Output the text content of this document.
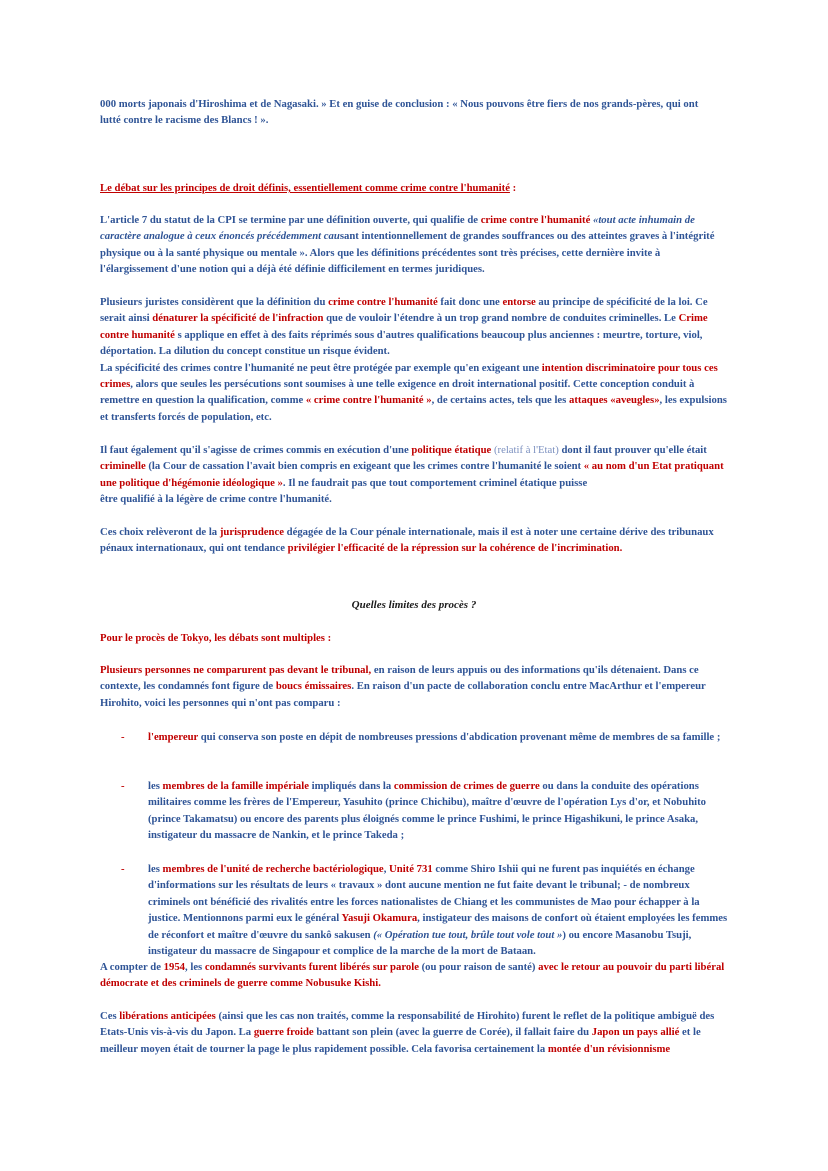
000 morts japonais d'Hiroshima et de Nagasaki. » Et en guise de conclusion : « Nous pouvons être fiers de nos grands-pères, qui ont
lutté contre le racisme des Blancs ! ».
Le débat sur les principes de droit définis, essentiellement comme crime contre l'humanité :
L'article 7 du statut de la CPI se termine par une définition ouverte, qui qualifie de crime contre l'humanité «tout acte inhumain de caractère analogue à ceux énoncés précédemment causant intentionnellement de grandes souffrances ou des atteintes graves à l'intégrité physique ou à la santé physique ou mentale ». Alors que les définitions précédentes sont très précises, cette dernière invite à l'élargissement d'une notion qui a déjà été définie difficilement en termes juridiques.
Plusieurs juristes considèrent que la définition du crime contre l'humanité fait donc une entorse au principe de spécificité de la loi. Ce serait ainsi dénaturer la spécificité de l'infraction que de vouloir l'étendre à un trop grand nombre de conduites criminelles. Le Crime contre humanité s applique en effet à des faits réprimés sous d'autres qualifications beaucoup plus anciennes : meurtre, torture, viol, déportation. La dilution du concept constitue un risque évident.
La spécificité des crimes contre l'humanité ne peut être protégée par exemple qu'en exigeant une intention discriminatoire pour tous ces crimes, alors que seules les persécutions sont soumises à une telle exigence en droit international positif. Cette conception conduit à remettre en question la qualification, comme « crime contre l'humanité », de certains actes, tels que les attaques «aveugles», les expulsions et transferts forcés de population, etc.
Il faut également qu'il s'agisse de crimes commis en exécution d'une politique étatique (relatif à l'Etat) dont il faut prouver qu'elle était criminelle (la Cour de cassation l'avait bien compris en exigeant que les crimes contre l'humanité le soient « au nom d'un Etat pratiquant une politique d'hégémonie idéologique ». Il ne faudrait pas que tout comportement criminel étatique puisse
être qualifié à la légère de crime contre l'humanité.
Ces choix relèveront de la jurisprudence dégagée de la Cour pénale internationale, mais il est à noter une certaine dérive des tribunaux pénaux internationaux, qui ont tendance privilégier l'efficacité de la répression sur la cohérence de l'incrimination.
Quelles limites des procès ?
Pour le procès de Tokyo, les débats sont multiples :
Plusieurs personnes ne comparurent pas devant le tribunal, en raison de leurs appuis ou des informations qu'ils détenaient. Dans ce contexte, les condamnés font figure de boucs émissaires. En raison d'un pacte de collaboration conclu entre MacArthur et l'empereur Hirohito, voici les personnes qui n'ont pas comparu :
- l'empereur qui conserva son poste en dépit de nombreuses pressions d'abdication provenant même de membres de sa famille ;
- les membres de la famille impériale impliqués dans la commission de crimes de guerre ou dans la conduite des opérations militaires comme les frères de l'Empereur, Yasuhito (prince Chichibu), maître d'œuvre de l'opération Lys d'or, et Nobuhito (prince Takamatsu) ou encore des parents plus éloignés comme le prince Fushimi, le prince Higashikuni, le prince Asaka, instigateur du massacre de Nankin, et le prince Takeda ;
- les membres de l'unité de recherche bactériologique, Unité 731 comme Shiro Ishii qui ne furent pas inquiétés en échange d'informations sur les résultats de leurs « travaux » dont aucune mention ne fut faite devant le tribunal; - de nombreux criminels ont bénéficié des rivalités entre les forces nationalistes de Chiang et les communistes de Mao pour échapper à la justice. Mentionnons parmi eux le général Yasuji Okamura, instigateur des maisons de confort où étaient employées les femmes de réconfort et maître d'œuvre du sankô sakusen (« Opération tue tout, brûle tout vole tout ») ou encore Masanobu Tsuji, instigateur du massacre de Singapour et complice de la marche de la mort de Bataan.
A compter de 1954, les condamnés survivants furent libérés sur parole (ou pour raison de santé) avec le retour au pouvoir du parti libéral démocrate et des criminels de guerre comme Nobusuke Kishi.
Ces libérations anticipées (ainsi que les cas non traités, comme la responsabilité de Hirohito) furent le reflet de la politique ambiguë des Etats-Unis vis-à-vis du Japon. La guerre froide battant son plein (avec la guerre de Corée), il fallait faire du Japon un pays allié et le meilleur moyen était de tourner la page le plus rapidement possible. Cela favorisa certainement la montée d'un révisionnisme
